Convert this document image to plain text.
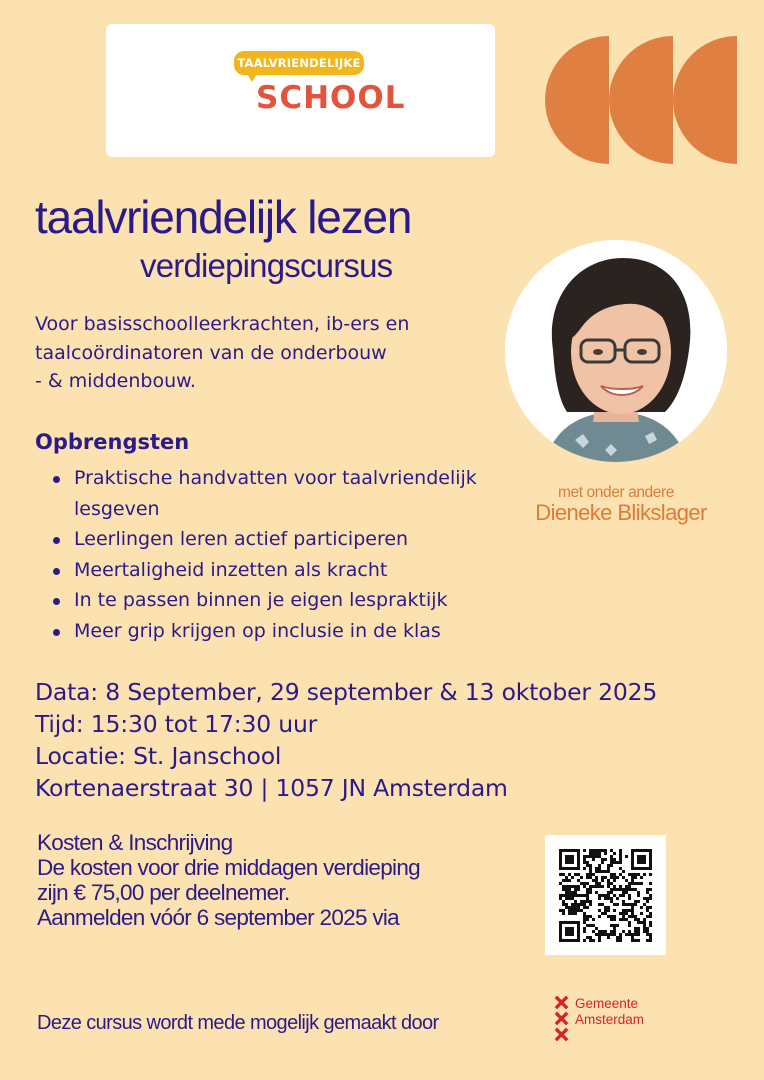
TAALVRIENDELIJKE
SCHOOL
taalvriendelijk lezen
verdiepingscursus
Voor basisschoolleerkrachten, ib-ers en
taalcoördinatoren van de onderbouw
- & middenbouw.
met onder andere
Dieneke Blikslager
Opbrengsten
Praktische handvatten voor taalvriendelijk lesgeven
Leerlingen leren actief participeren
Meertaligheid inzetten als kracht
In te passen binnen je eigen lespraktijk
Meer grip krijgen op inclusie in de klas
Data: 8 September, 29 september & 13 oktober 2025
Tijd: 15:30 tot 17:30 uur
Locatie: St. Janschool
Kortenaerstraat 30 | 1057 JN Amsterdam
Kosten & Inschrijving
De kosten voor drie middagen verdieping
zijn € 75,00 per deelnemer.
Aanmelden vóór 6 september 2025 via
Deze cursus wordt mede mogelijk gemaakt door
Gemeente
Amsterdam
